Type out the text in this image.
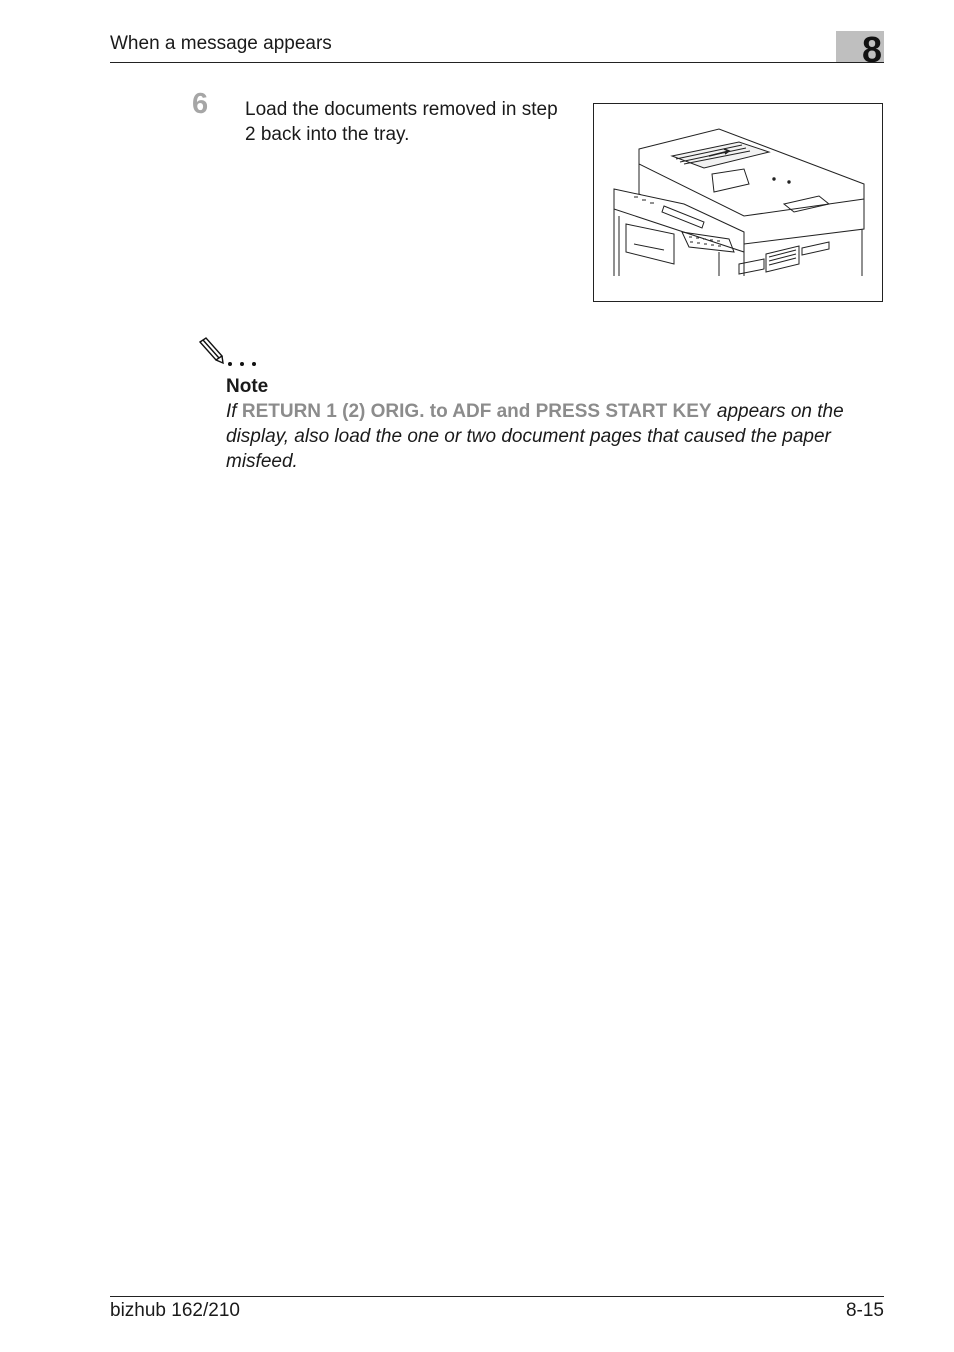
When a message appears	8
6 Load the documents removed in step 2 back into the tray.
Note
If RETURN 1 (2) ORIG. to ADF and PRESS START KEY appears on the display, also load the one or two document pages that caused the paper misfeed.
bizhub 162/210	8-15
